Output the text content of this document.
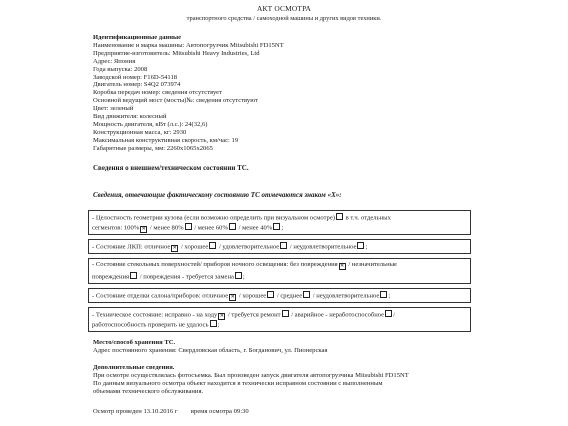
АКТ ОСМОТРА
транспортного средства / самоходной машины и других видов техники.
Идентификационные данные
Наименование и марка машины: Автопогрузчик Mitsubishi FD15NT
Предприятие-изготовитель: Mitsubishi Heavy Industries, Ltd
Адрес: Япония
Года выпуска: 2008
Заводской номер: F16D-54118
Двигатель номер: S4Q2 073974
Коробка передач номер: сведения отсутствует
Основной ведущий мост (мосты)№: сведения отсутствуют
Цвет: зеленый
Вид движителя: колесный
Мощность двигателя, кВт (л.с.): 24(32,6)
Конструкционная масса, кг: 2930
Максимальная конструктивная скорость, км/час: 19
Габаритные размеры, мм: 2260x1065x2065
Сведения о внешнем/техническом состоянии ТС.
Сведения, отвечающие фактическому состоянию ТС отмечаются знаком «X»:
- Целостность геометрии кузова (если возможно определить при визуальном осмотре) в т.ч. отдельных
сегментов: 100% ✕ / менее 80% / менее 60% / менее 40% ;
- Состояние ЛКП: отличное ✕ / хорошее / удовлетворительное / неудовлетворительное ;
- Состояние стекольных поверхностей/ приборов ночного освещения: без повреждения ✕ / незначительные
повреждения / повреждения - требуется замена ;
- Состояние отделки салона/приборов: отличное ✕ / хорошее / среднее / неудовлетворительное ;
- Техническое состояние: исправно - на ходу ✕ / требуется ремонт / аварийное - неработоспособное /
работоспособность проверить не удалось ;
Место/способ хранения ТС.
Адрес постоянного хранения: Свердловская область, г. Богданович, ул. Пионерская
Дополнительные сведения.
При осмотре осуществлялась фотосъемка. Был произведен запуск двигателя автопогрузчика Mitsubishi FD15NT
По данным визуального осмотра объект находится в технически исправном состоянии с выполненным
объемами технического обслуживания.
Осмотр проведен 13.10.2016 г время осмотра 09:30
